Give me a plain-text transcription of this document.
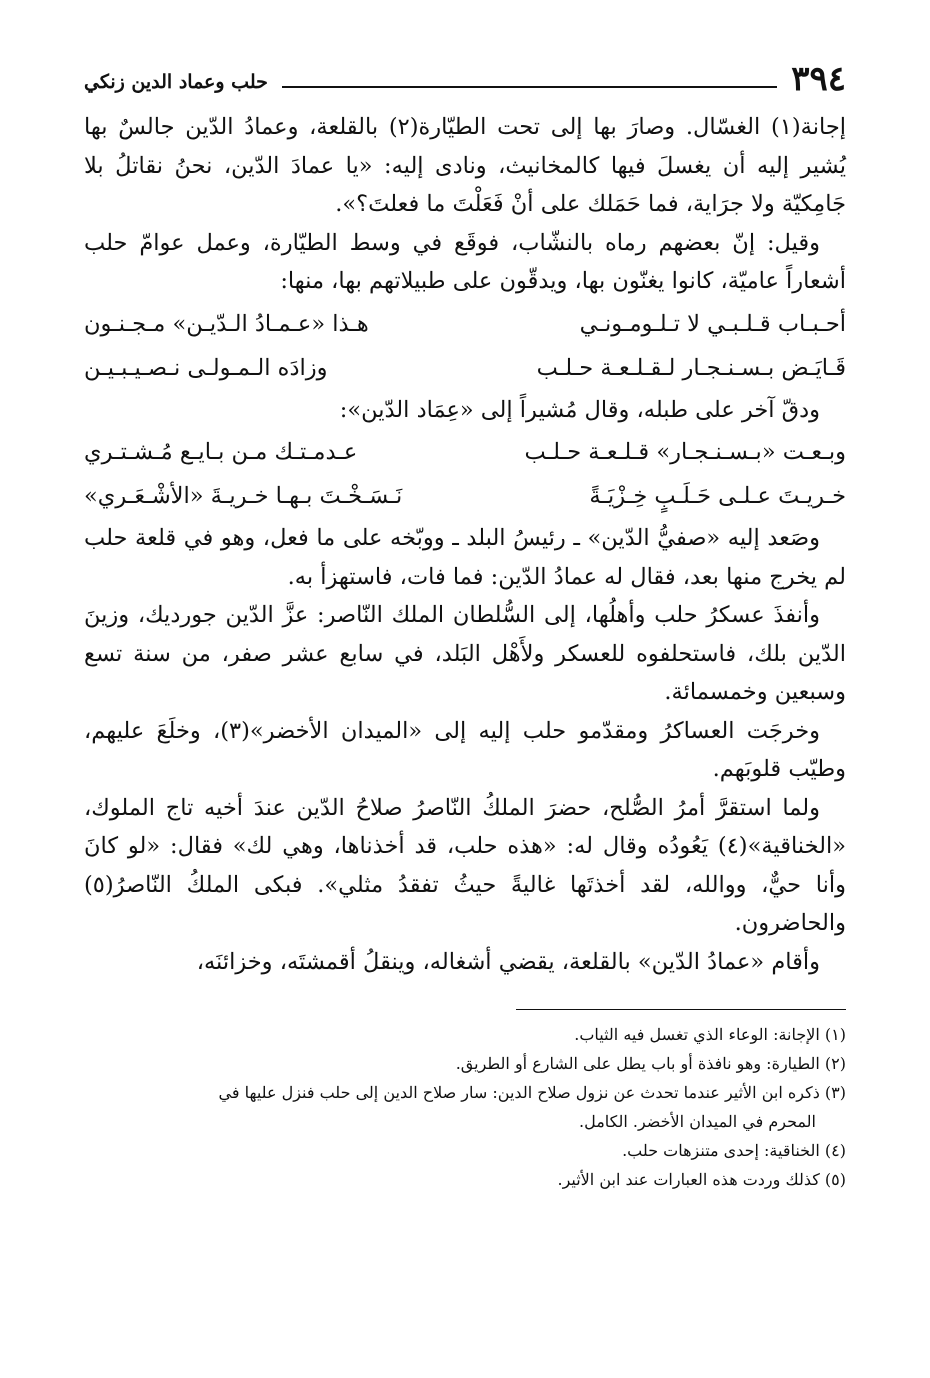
٣٩٤
حلب وعماد الدين زنكي

إجانة(١) الغسّال. وصارَ بها إلى تحت الطيّارة(٢) بالقلعة، وعمادُ الدّين جالسٌ بها يُشير إليه أن يغسلَ فيها كالمخانيث، ونادى إليه: «يا عمادَ الدّين، نحنُ نقاتلُ بلا جَامِكيّة ولا جرَاية، فما حَمَلك على أنْ فَعَلْتَ ما فعلتَ؟».

وقيل: إنّ بعضهم رماه بالنشّاب، فوقَع في وسط الطيّارة، وعمل عوامّ حلب أشعاراً عاميّة، كانوا يغنّون بها، ويدقّون على طبيلاتهم بها، منها:

أحـبـاب قـلـبـي لا تـلـومـونـي
هـذا «عـمـادُ الـدّيـن» مـجـنـون
قَـايَـض بـسـنـجـار لـقـلـعـة حـلـب
وزادَه الـمـولـى نـصـيـبـيـن

ودقّ آخر على طبله، وقال مُشيراً إلى «عِمَاد الدّين»:

وبـعـت «بـسـنـجـار» قـلـعـة حـلـب
عـدمـتـك مـن بـايـع مُـشـتـري
خـريـتَ عـلـى حَـلَـبٍ خِـزْيَـةً
نَـسَـخْـتَ بـهـا خـريـةَ «الأشْـعَـري»

وصَعد إليه «صفيُّ الدّين» ـ رئيسُ البلد ـ ووبّخه على ما فعل، وهو في قلعة حلب لم يخرج منها بعد، فقال له عمادُ الدّين: فما فات، فاستهزأ به.

وأنفذَ عسكرُ حلب وأهلُها، إلى السُّلطان الملك النّاصر: عزَّ الدّين جورديك، وزينَ الدّين بلك، فاستحلفوه للعسكر ولأَهْل البَلد، في سابع عشر صفر، من سنة تسع وسبعين وخمسمائة.

وخرجَت العساكرُ ومقدّمو حلب إليه إلى «الميدان الأخضر»(٣)، وخلَعَ عليهم، وطيّب قلوبَهم.

ولما استقرَّ أمرُ الصُّلح، حضرَ الملكُ النّاصرُ صلاحُ الدّين عندَ أخيه تاج الملوك، «الخناقية»(٤) يَعُودُه وقال له: «هذه حلب، قد أخذناها، وهي لك» فقال: «لو كانَ وأنا حيٌّ، ووالله، لقد أخذتَها غاليةً حيثُ تفقدُ مثلي». فبكى الملكُ النّاصرُ(٥) والحاضرون.

وأقام «عمادُ الدّين» بالقلعة، يقضي أشغاله، وينقلُ أقمشتَه، وخزائنَه،

(١) الإجانة: الوعاء الذي تغسل فيه الثياب.

(٢) الطيارة: وهو نافذة أو باب يطل على الشارع أو الطريق.

(٣) ذكره ابن الأثير عندما تحدث عن نزول صلاح الدين: سار صلاح الدين إلى حلب فنزل عليها في
المحرم في الميدان الأخضر. الكامل.

(٤) الخناقية: إحدى متنزهات حلب.

(٥) كذلك وردت هذه العبارات عند ابن الأثير.
